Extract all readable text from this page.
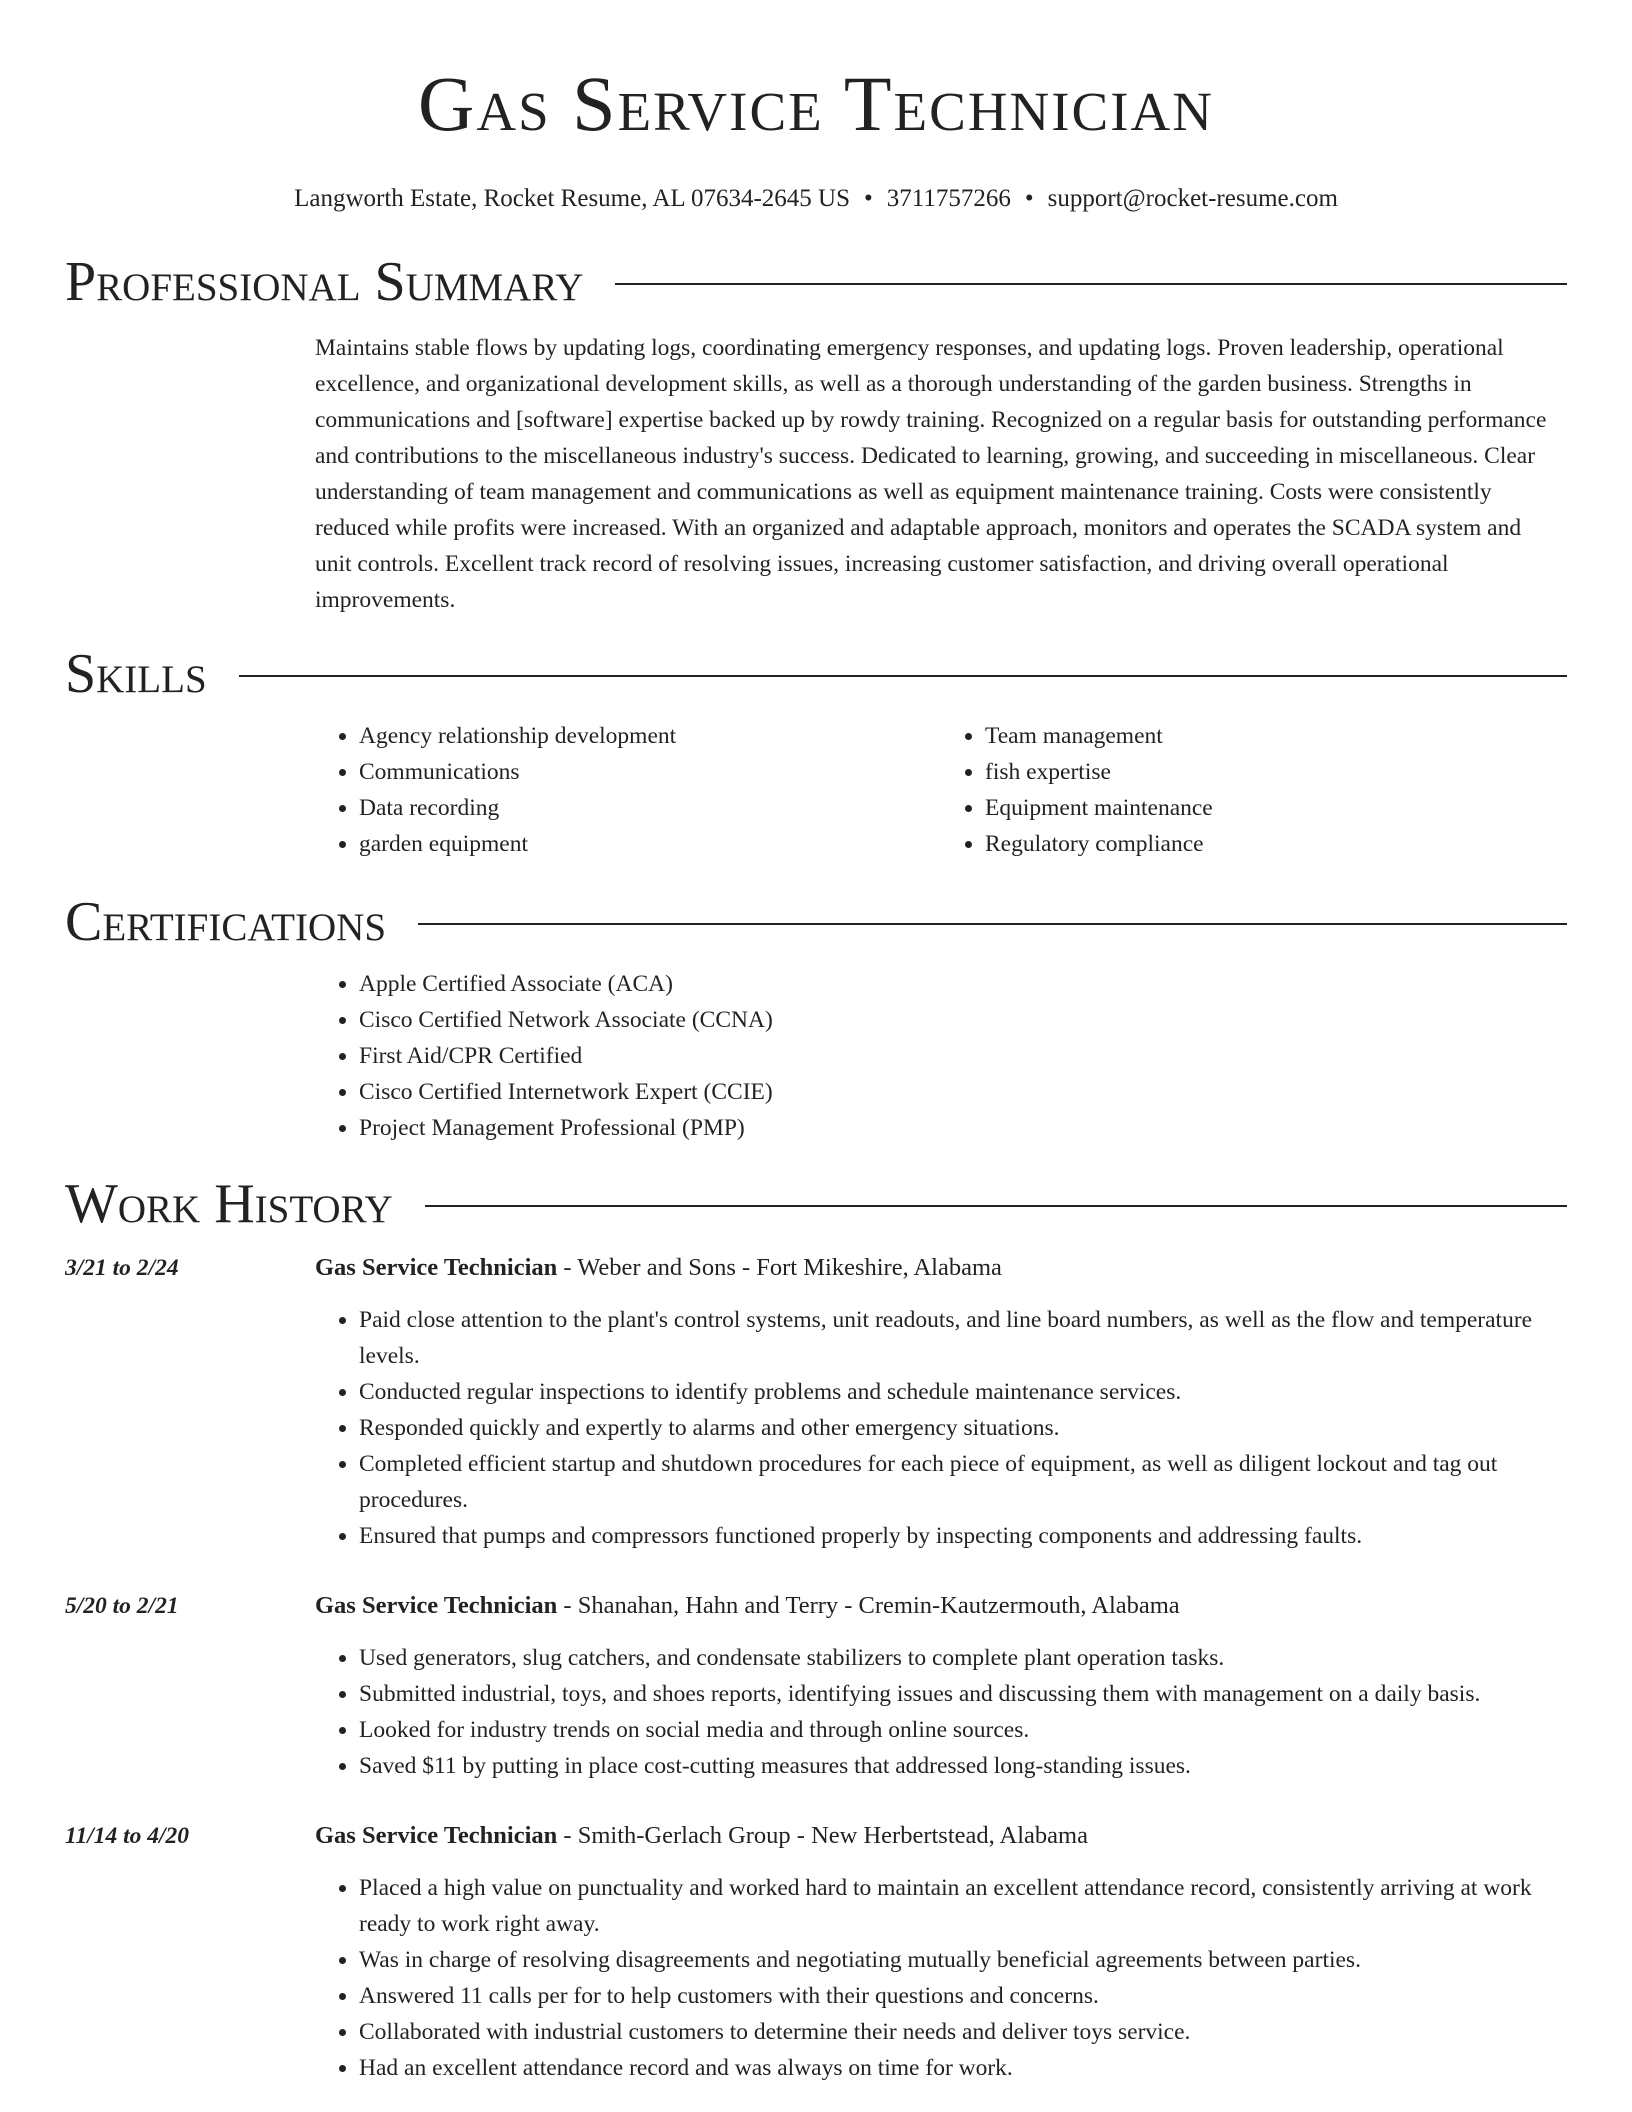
Gas Service Technician
Langworth Estate, Rocket Resume, AL 07634-2645 US • 3711757266 • support@rocket-resume.com
Professional Summary

Maintains stable flows by updating logs, coordinating emergency responses, and updating logs. Proven leadership, operational excellence, and organizational development skills, as well as a thorough understanding of the garden business. Strengths in communications and [software] expertise backed up by rowdy training. Recognized on a regular basis for outstanding performance and contributions to the miscellaneous industry's success. Dedicated to learning, growing, and succeeding in miscellaneous. Clear understanding of team management and communications as well as equipment maintenance training. Costs were consistently reduced while profits were increased. With an organized and adaptable approach, monitors and operates the SCADA system and unit controls. Excellent track record of resolving issues, increasing customer satisfaction, and driving overall operational improvements.

Skills
• Agency relationship development
• Communications
• Data recording
• garden equipment
• Team management
• fish expertise
• Equipment maintenance
• Regulatory compliance
Certifications
• Apple Certified Associate (ACA)
• Cisco Certified Network Associate (CCNA)
• First Aid/CPR Certified
• Cisco Certified Internetwork Expert (CCIE)
• Project Management Professional (PMP)
Work History
3/21 to 2/24	Gas Service Technician - Weber and Sons - Fort Mikeshire, Alabama
• Paid close attention to the plant's control systems, unit readouts, and line board numbers, as well as the flow and temperature levels.
• Conducted regular inspections to identify problems and schedule maintenance services.
• Responded quickly and expertly to alarms and other emergency situations.
• Completed efficient startup and shutdown procedures for each piece of equipment, as well as diligent lockout and tag out procedures.
• Ensured that pumps and compressors functioned properly by inspecting components and addressing faults.
5/20 to 2/21	Gas Service Technician - Shanahan, Hahn and Terry - Cremin-Kautzermouth, Alabama
• Used generators, slug catchers, and condensate stabilizers to complete plant operation tasks.
• Submitted industrial, toys, and shoes reports, identifying issues and discussing them with management on a daily basis.
• Looked for industry trends on social media and through online sources.
• Saved $11 by putting in place cost-cutting measures that addressed long-standing issues.
11/14 to 4/20	Gas Service Technician - Smith-Gerlach Group - New Herbertstead, Alabama
• Placed a high value on punctuality and worked hard to maintain an excellent attendance record, consistently arriving at work ready to work right away.
• Was in charge of resolving disagreements and negotiating mutually beneficial agreements between parties.
• Answered 11 calls per for to help customers with their questions and concerns.
• Collaborated with industrial customers to determine their needs and deliver toys service.
• Had an excellent attendance record and was always on time for work.
